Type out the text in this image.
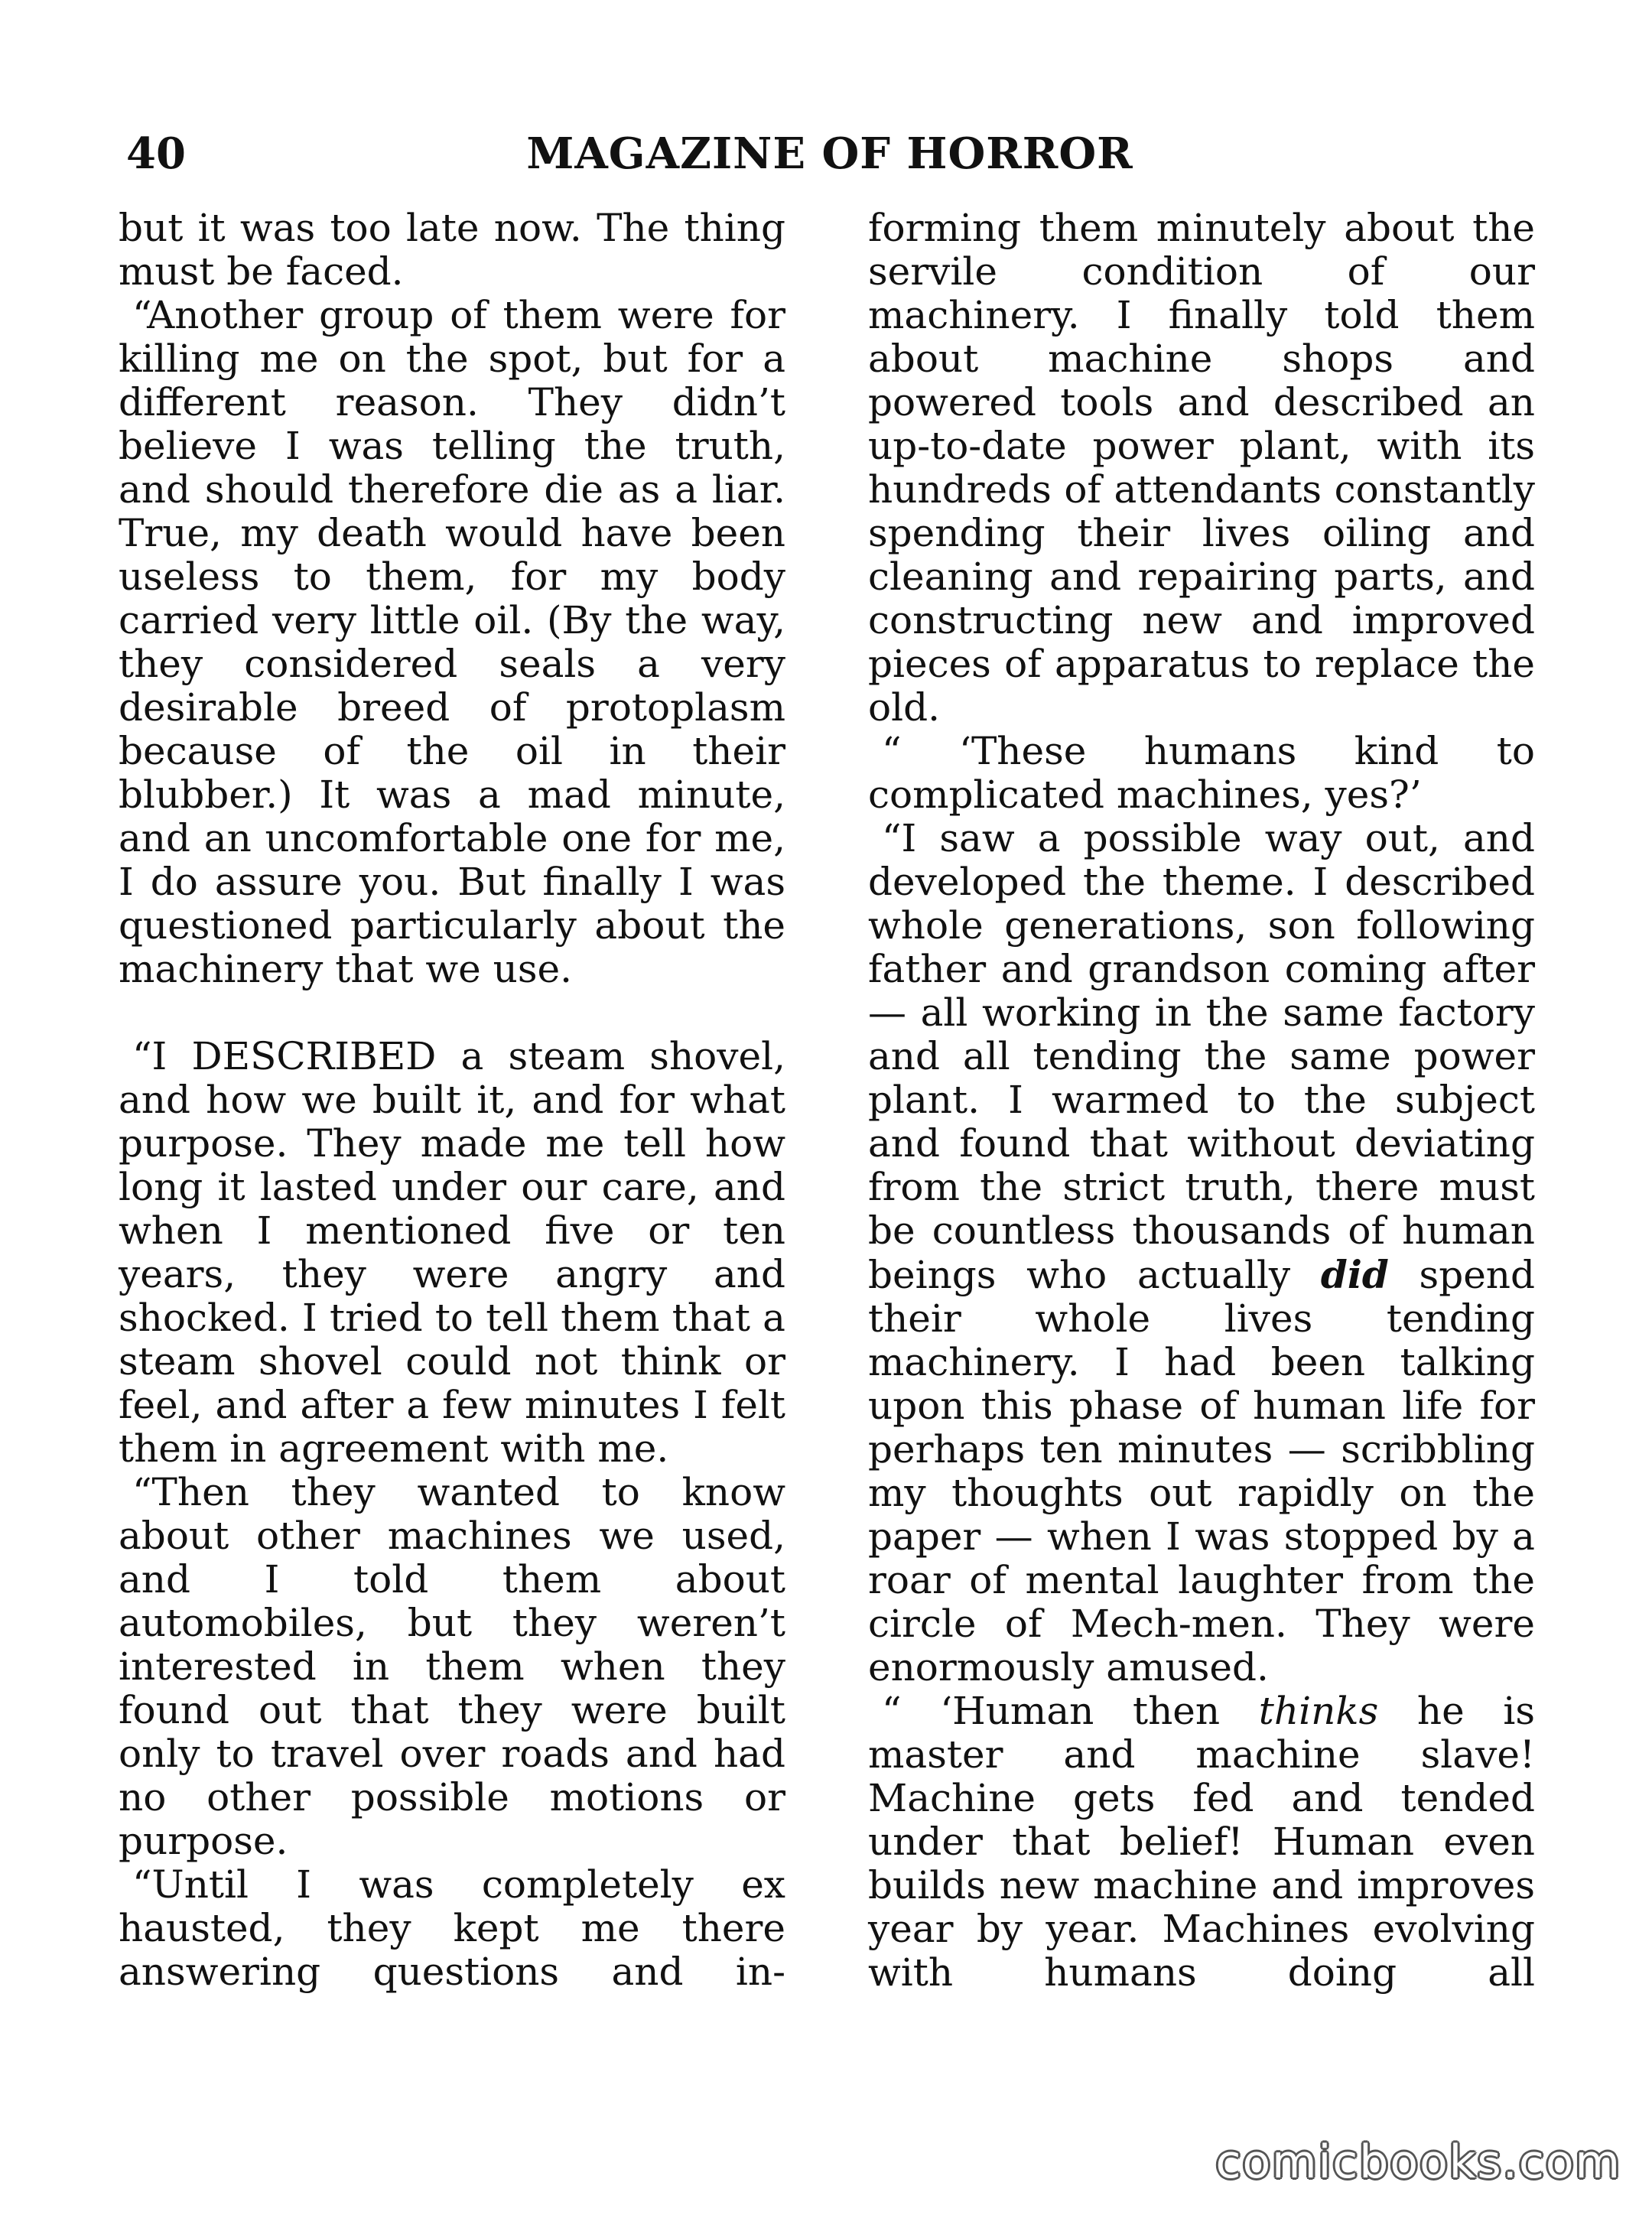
40	MAGAZINE OF HORROR

but it was too late now. The thing must be faced.

“Another group of them were for killing me on the spot, but for a different reason. They didn’t believe I was telling the truth, and should therefore die as a liar. True, my death would have been useless to them, for my body carried very little oil. (By the way, they considered seals a very desirable breed of protoplasm because of the oil in their blubber.) It was a mad minute, and an uncomfortable one for me, I do assure you. But finally I was questioned particularly about the machinery that we use.

“I DESCRIBED a steam shovel, and how we built it, and for what purpose. They made me tell how long it lasted under our care, and when I mentioned five or ten years, they were angry and shocked. I tried to tell them that a steam shovel could not think or feel, and after a few minutes I felt them in agreement with me.

“Then they wanted to know about other machines we used, and I told them about automobiles, but they weren’t interested in them when they found out that they were built only to travel over roads and had no other possible motions or purpose.

“Until I was completely ex hausted, they kept me there answering questions and in-

forming them minutely about the servile condition of our machinery. I finally told them about machine shops and powered tools and described an up-to-date power plant, with its hundreds of attendants constantly spending their lives oiling and cleaning and repairing parts, and constructing new and improved pieces of apparatus to replace the old.

“ ‘These humans kind to complicated machines, yes?’

“I saw a possible way out, and developed the theme. I described whole generations, son following father and grandson coming after — all working in the same factory and all tending the same power plant. I warmed to the subject and found that without deviating from the strict truth, there must be countless thousands of human beings who actually did spend their whole lives tending machinery. I had been talking upon this phase of human life for perhaps ten minutes — scribbling my thoughts out rapidly on the paper — when I was stopped by a roar of mental laughter from the circle of Mech-men. They were enormously amused.

“ ‘Human then thinks he is master and machine slave! Machine gets fed and tended under that belief! Human even builds new machine and improves year by year. Machines evolving with humans doing all

comicbooks.com
